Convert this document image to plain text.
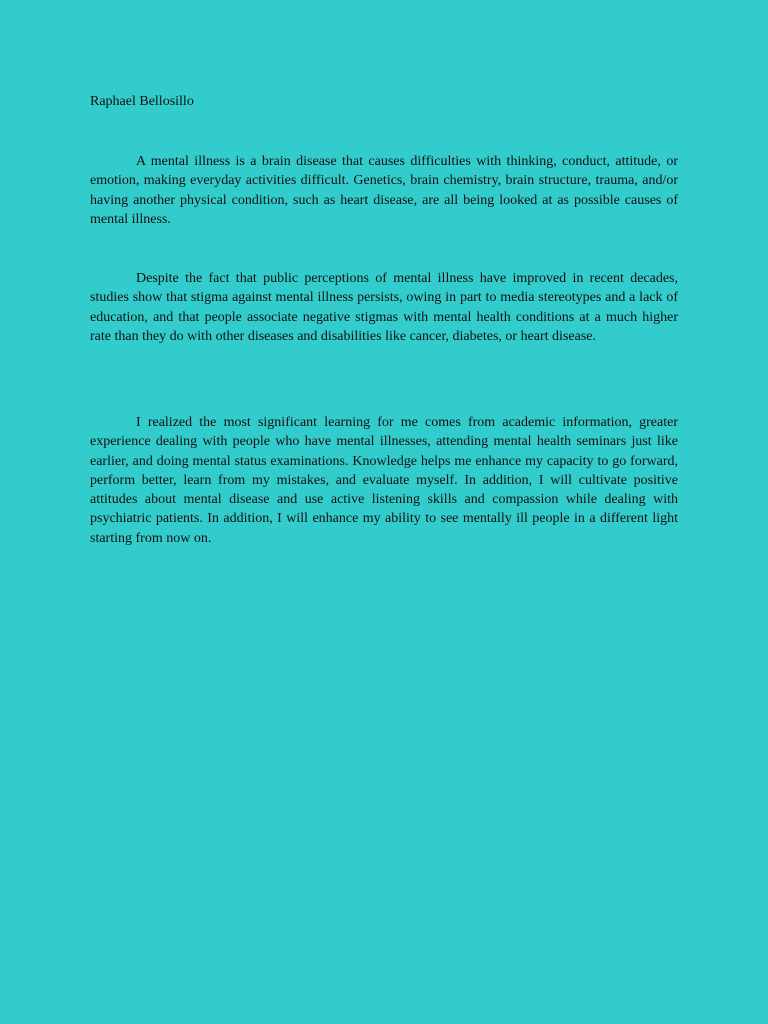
Raphael Bellosillo

A mental illness is a brain disease that causes difficulties with thinking, conduct, attitude, or emotion, making everyday activities difficult. Genetics, brain chemistry, brain structure, trauma, and/or having another physical condition, such as heart disease, are all being looked at as possible causes of mental illness.

Despite the fact that public perceptions of mental illness have improved in recent decades, studies show that stigma against mental illness persists, owing in part to media stereotypes and a lack of education, and that people associate negative stigmas with mental health conditions at a much higher rate than they do with other diseases and disabilities like cancer, diabetes, or heart disease.

I realized the most significant learning for me comes from academic information, greater experience dealing with people who have mental illnesses, attending mental health seminars just like earlier, and doing mental status examinations. Knowledge helps me enhance my capacity to go forward, perform better, learn from my mistakes, and evaluate myself. In addition, I will cultivate positive attitudes about mental disease and use active listening skills and compassion while dealing with psychiatric patients. In addition, I will enhance my ability to see mentally ill people in a different light starting from now on.
